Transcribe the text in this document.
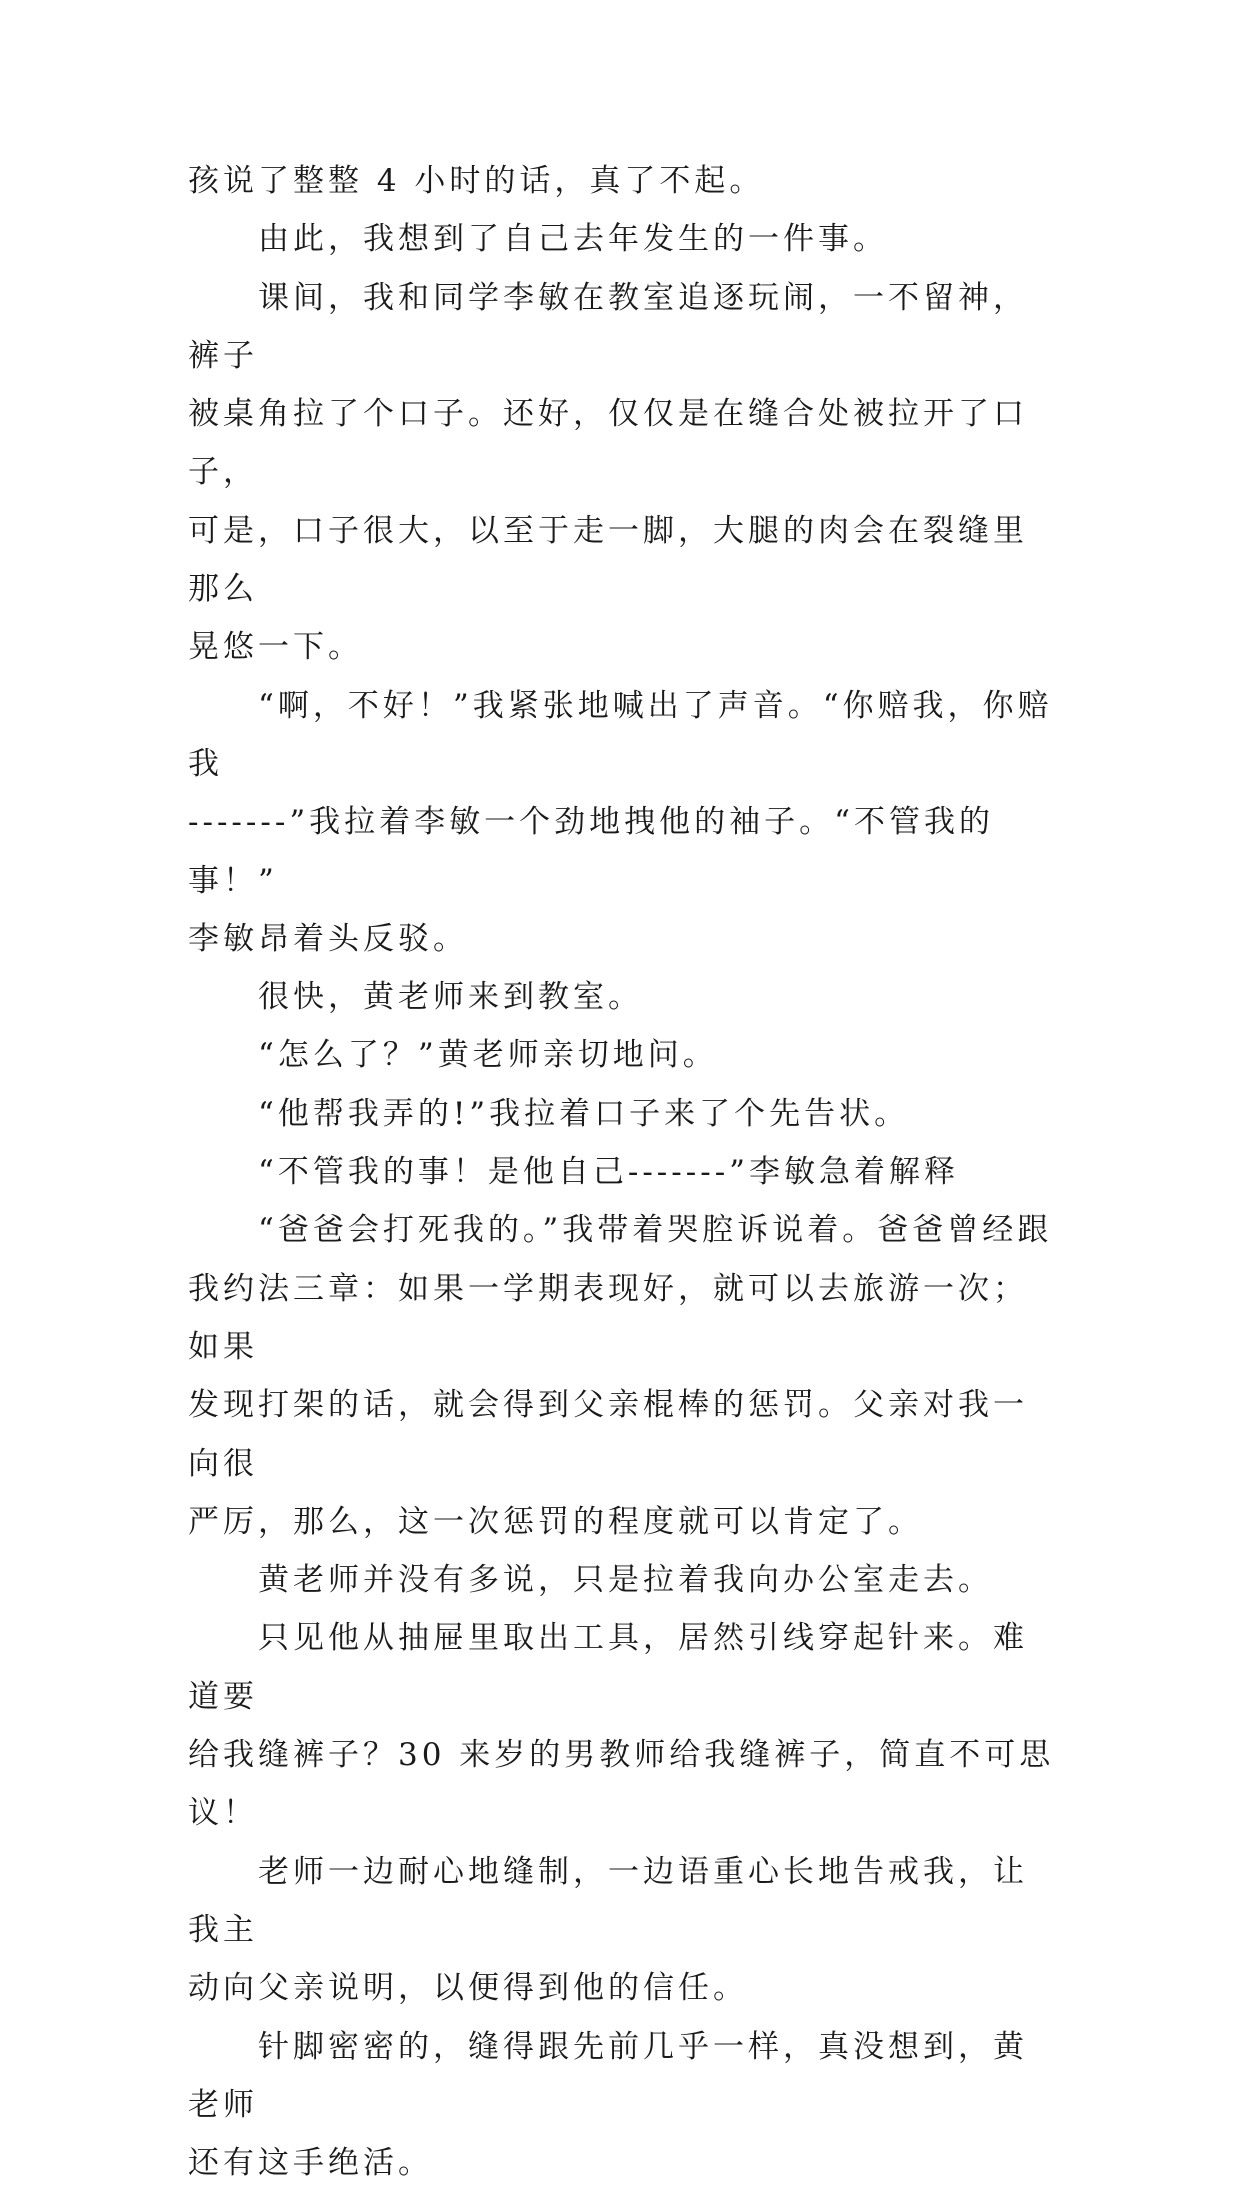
孩说了整整 4 小时的话，真了不起。

由此，我想到了自己去年发生的一件事。

课间，我和同学李敏在教室追逐玩闹，一不留神，裤子
被桌角拉了个口子。还好，仅仅是在缝合处被拉开了口子，
可是，口子很大，以至于走一脚，大腿的肉会在裂缝里那么
晃悠一下。

“啊，不好！”我紧张地喊出了声音。“你赔我，你赔我
-------”我拉着李敏一个劲地拽他的袖子。“不管我的事！”
李敏昂着头反驳。

很快，黄老师来到教室。

“怎么了？”黄老师亲切地问。

“他帮我弄的!”我拉着口子来了个先告状。

“不管我的事！是他自己-------”李敏急着解释

“爸爸会打死我的。”我带着哭腔诉说着。爸爸曾经跟
我约法三章：如果一学期表现好，就可以去旅游一次；如果
发现打架的话，就会得到父亲棍棒的惩罚。父亲对我一向很
严厉，那么，这一次惩罚的程度就可以肯定了。

黄老师并没有多说，只是拉着我向办公室走去。

只见他从抽屉里取出工具，居然引线穿起针来。难道要
给我缝裤子？30 来岁的男教师给我缝裤子，简直不可思议！

老师一边耐心地缝制，一边语重心长地告戒我，让我主
动向父亲说明，以便得到他的信任。

针脚密密的，缝得跟先前几乎一样，真没想到，黄老师
还有这手绝活。
